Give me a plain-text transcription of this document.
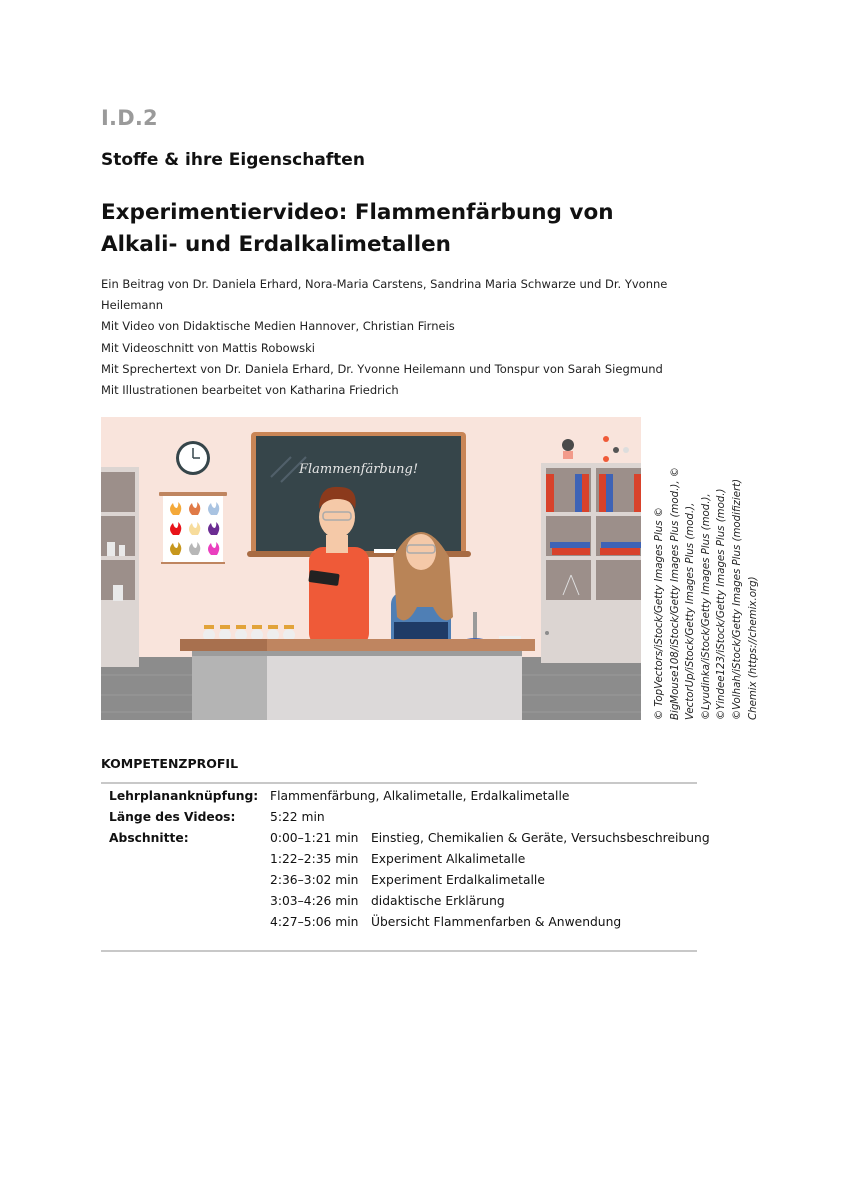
I.D.2
Stoffe & ihre Eigenschaften
Experimentiervideo: Flammenfärbung von
Alkali- und Erdalkalimetallen
Ein Beitrag von Dr. Daniela Erhard, Nora-Maria Carstens, Sandrina Maria Schwarze und Dr. Yvonne
Heilemann
Mit Video von Didaktische Medien Hannover, Christian Firneis
Mit Videoschnitt von Mattis Robowski
Mit Sprechertext von Dr. Daniela Erhard, Dr. Yvonne Heilemann und Tonspur von Sarah Siegmund
Mit Illustrationen bearbeitet von Katharina Friedrich
Flammenfärbung!
© TopVectors/iStock/Getty Images Plus © BigMouse108/iStock/Getty Images Plus (mod.), © VectorUp/iStock/Getty Images Plus (mod.), ©Lyudinka/iStock/Getty Images Plus (mod.), ©Yindee123/iStock/Getty Images Plus (mod.) ©Volhah/iStock/Getty Images Plus (modifiziert) Chemix (https://chemix.org)
KOMPETENZPROFIL
Lehrplananknüpfung: Flammenfärbung, Alkalimetalle, Erdalkalimetalle
Länge des Videos:	5:22 min
Abschnitte:	0:00–1:21 min Einstieg, Chemikalien & Geräte, Versuchsbeschreibung
1:22–2:35 min Experiment Alkalimetalle
2:36–3:02 min Experiment Erdalkalimetalle
3:03–4:26 min didaktische Erklärung
4:27–5:06 min Übersicht Flammenfarben & Anwendung
